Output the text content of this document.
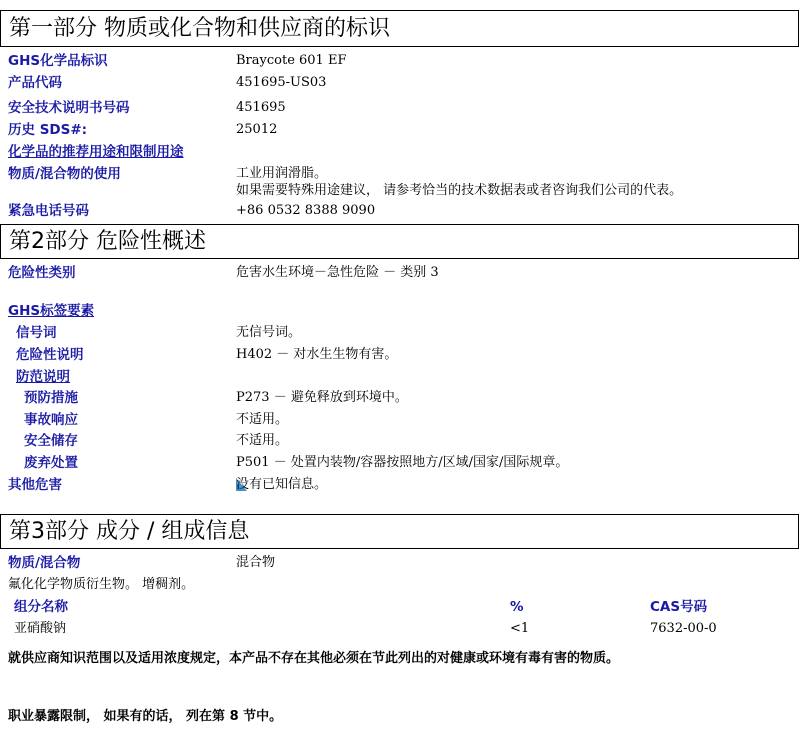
第一部分 物质或化合物和供应商的标识
GHS化学品标识	Braycote 601 EF
产品代码	451695-US03
安全技术说明书号码	451695
历史 SDS#:	25012
化学品的推荐用途和限制用途
物质/混合物的使用	工业用润滑脂。
如果需要特殊用途建议， 请参考恰当的技术数据表或者咨询我们公司的代表。
紧急电话号码	+86 0532 8388 9090
第2部分 危险性概述
危险性类别	危害水生环境－急性危险 － 类别 3
GHS标签要素
信号词	无信号词。
危险性说明	H402 － 对水生生物有害。
防范说明
预防措施	P273 － 避免释放到环境中。
事故响应	不适用。
安全储存	不适用。
废弃处置	P501 － 处置内装物/容器按照地方/区域/国家/国际规章。
其他危害	没有已知信息。
第3部分 成分 / 组成信息
物质/混合物	混合物
氟化化学物质衍生物。 增稠剂。
组分名称	%	CAS号码
亚硝酸钠	<1	7632-00-0
就供应商知识范围以及适用浓度规定，本产品不存在其他必须在节此列出的对健康或环境有毒有害的物质。
职业暴露限制， 如果有的话， 列在第 8 节中。
